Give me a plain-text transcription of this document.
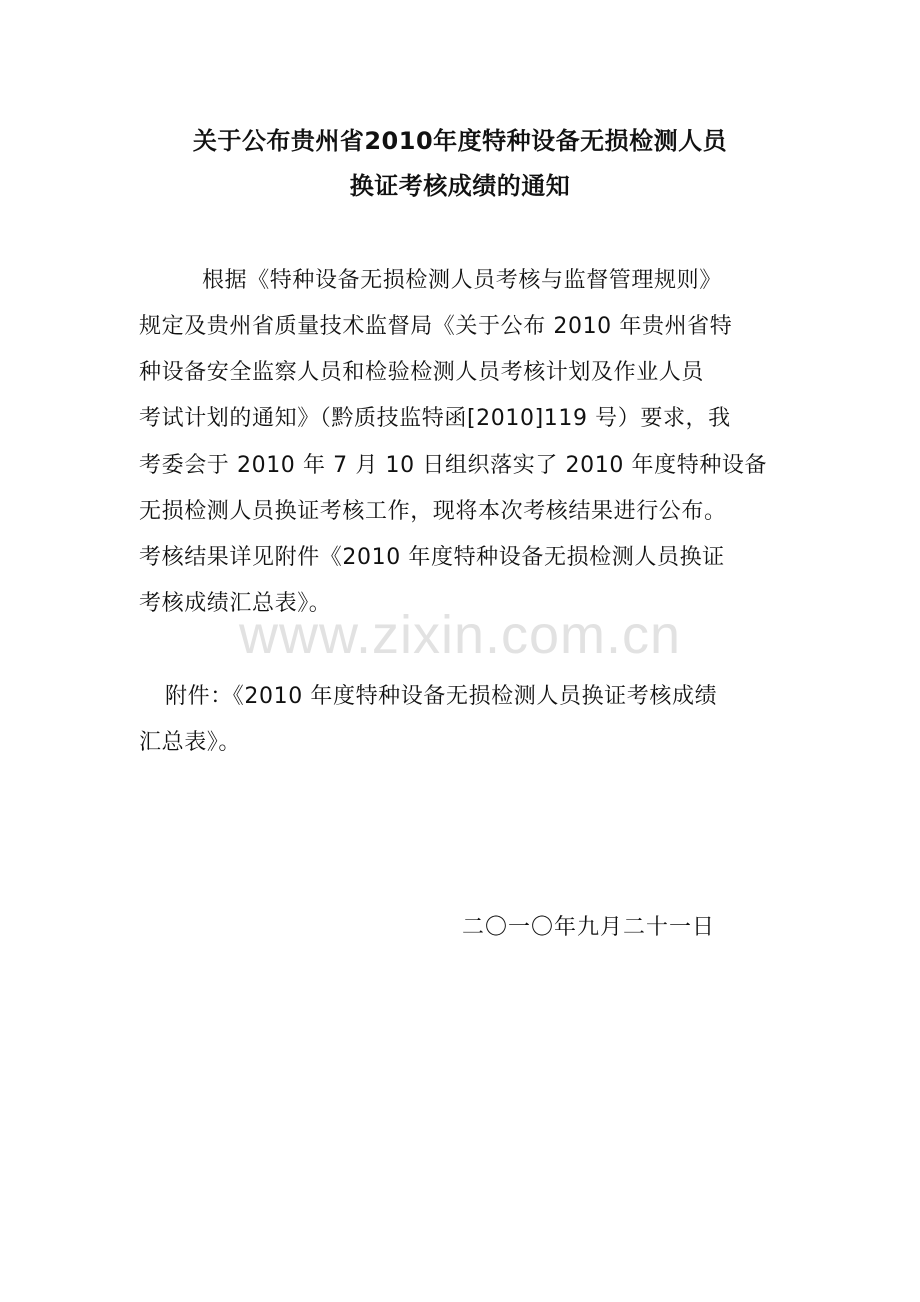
关于公布贵州省2010年度特种设备无损检测人员
换证考核成绩的通知
根据《特种设备无损检测人员考核与监督管理规则》
规定及贵州省质量技术监督局《关于公布 2010 年贵州省特
种设备安全监察人员和检验检测人员考核计划及作业人员
考试计划的通知》（黔质技监特函[2010]119 号）要求，我
考委会于 2010 年 7 月 10 日组织落实了 2010 年度特种设备
无损检测人员换证考核工作，现将本次考核结果进行公布。
考核结果详见附件《2010 年度特种设备无损检测人员换证
考核成绩汇总表》。
www.zixin.com.cn
附件：《2010 年度特种设备无损检测人员换证考核成绩
汇总表》。
二〇一〇年九月二十一日
